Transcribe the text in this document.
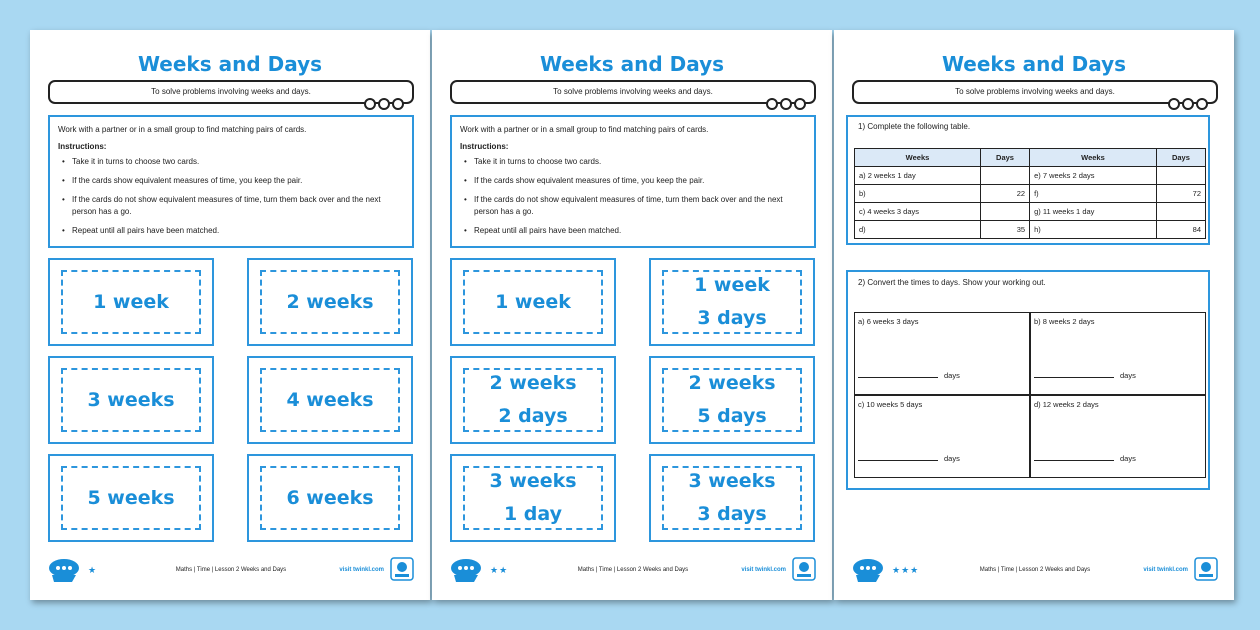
Weeks and Days
To solve problems involving weeks and days.

Work with a partner or in a small group to find matching pairs of cards.

Instructions:

• Take it in turns to choose two cards.
• If the cards show equivalent measures of time, you keep the pair.
• If the cards do not show equivalent measures of time, turn them back over and the next person has a go.
• Repeat until all pairs have been matched.
1 week	2 weeks
3 weeks	4 weeks
5 weeks	6 weeks
★	Maths | Time | Lesson 2 Weeks and Days	visit twinkl.com
Weeks and Days
To solve problems involving weeks and days.

Work with a partner or in a small group to find matching pairs of cards.

Instructions:

• Take it in turns to choose two cards.
• If the cards show equivalent measures of time, you keep the pair.
• If the cards do not show equivalent measures of time, turn them back over and the next person has a go.
• Repeat until all pairs have been matched.
1 week
1 week
3 days
2 weeks
2 days
2 weeks
5 days
3 weeks
1 day
3 weeks
3 days
★★	Maths | Time | Lesson 2 Weeks and Days	visit twinkl.com
Weeks and Days
To solve problems involving weeks and days.
1) Complete the following table.
Weeks	Days	Weeks	Days
a) 2 weeks 1 day		e) 7 weeks 2 days	
b)	22	f)	72
c) 4 weeks 3 days		g) 11 weeks 1 day	
d)	35	h)	84
2) Convert the times to days. Show your working out.
a) 6 weeks 3 days
days
b) 8 weeks 2 days
days
c) 10 weeks 5 days
days
d) 12 weeks 2 days
days
★★★	Maths | Time | Lesson 2 Weeks and Days	visit twinkl.com
